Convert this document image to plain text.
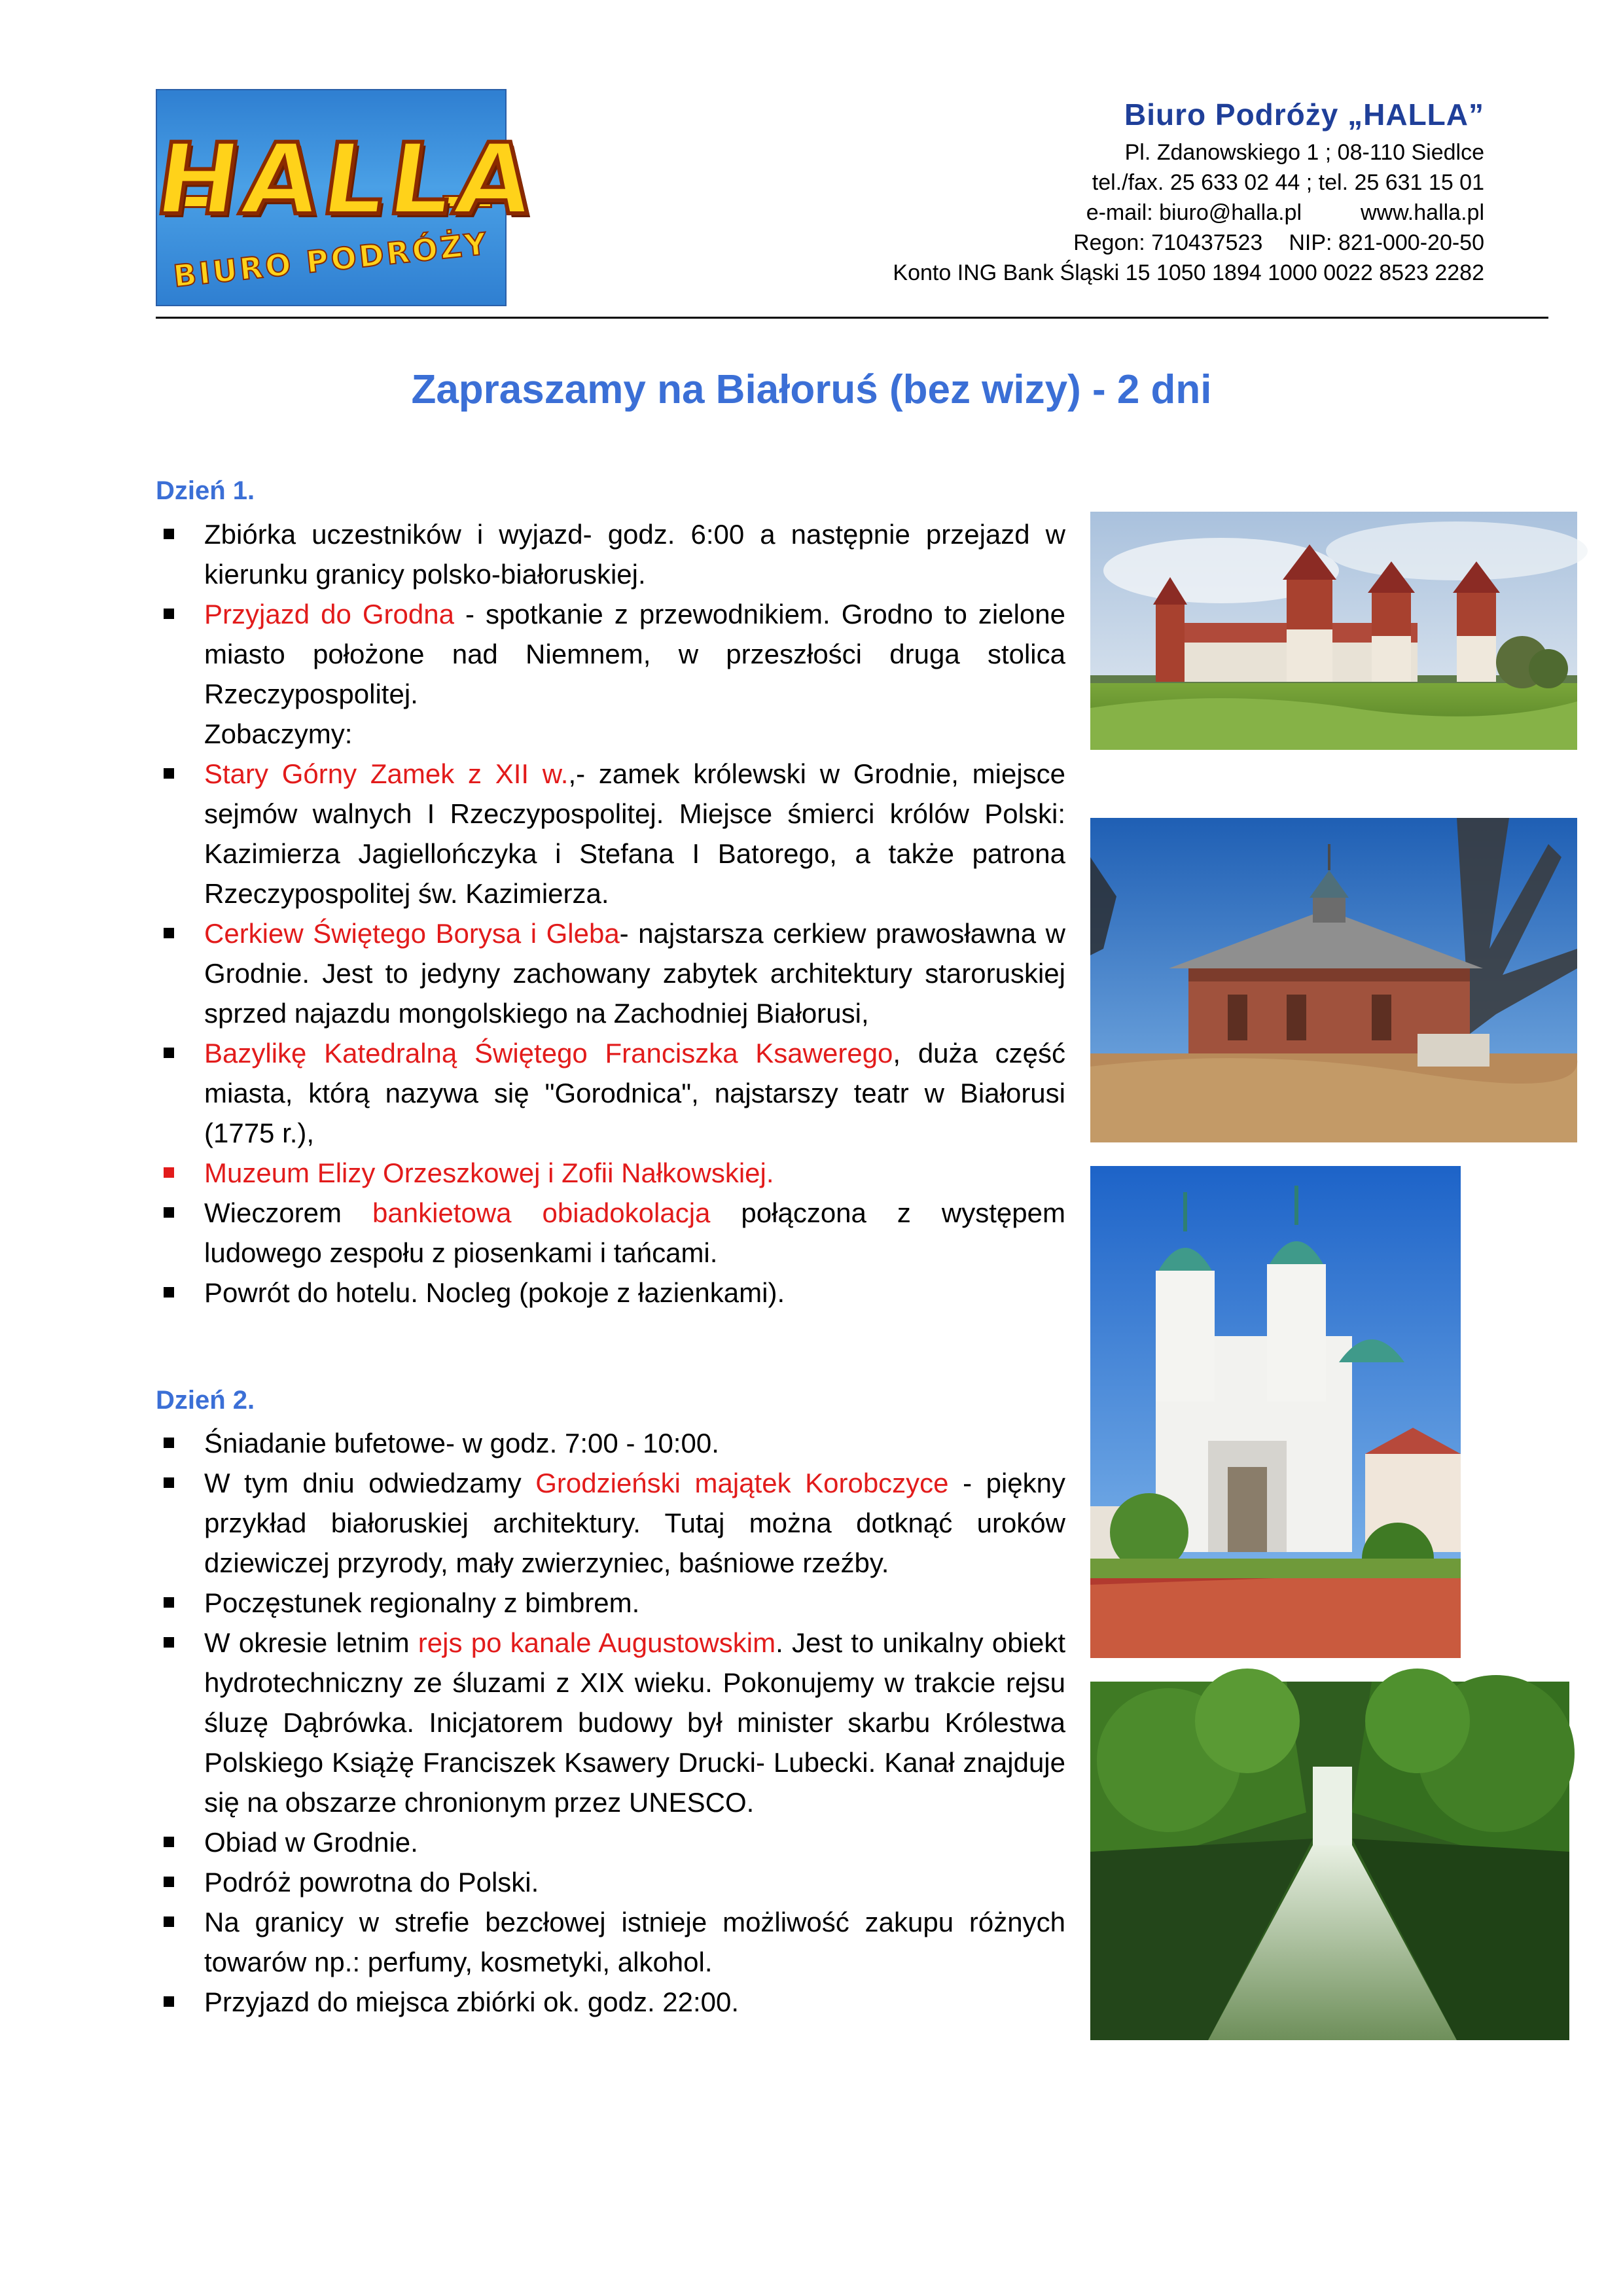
HALLA
BIURO PODRÓŻY
Biuro Podróży „HALLA”
Pl. Zdanowskiego 1 ; 08-110 Siedlce
tel./fax. 25 633 02 44 ; tel. 25 631 15 01
e-mail: biuro@halla.pl	www.halla.pl
Regon: 710437523 NIP: 821-000-20-50
Konto ING Bank Śląski 15 1050 1894 1000 0022 8523 2282
Zapraszamy na Białoruś (bez wizy) - 2 dni
Dzień 1.
Zbiórka uczestników i wyjazd- godz. 6:00 a następnie przejazd w kierunku granicy polsko-białoruskiej.
Przyjazd do Grodna - spotkanie z przewodnikiem. Grodno to zielone miasto położone nad Niemnem, w przeszłości druga stolica Rzeczypospolitej.
Zobaczymy:
Stary Górny Zamek z XII w.,- zamek królewski w Grodnie, miejsce sejmów walnych I Rzeczypospolitej. Miejsce śmierci królów Polski: Kazimierza Jagiellończyka i Stefana I Batorego, a także patrona Rzeczypospolitej św. Kazimierza.
Cerkiew Świętego Borysa i Gleba- najstarsza cerkiew prawosławna w Grodnie. Jest to jedyny zachowany zabytek architektury staroruskiej sprzed najazdu mongolskiego na Zachodniej Białorusi,
Bazylikę Katedralną Świętego Franciszka Ksawerego, duża część miasta, którą nazywa się "Gorodnica", najstarszy teatr w Białorusi (1775 r.),
Muzeum Elizy Orzeszkowej i Zofii Nałkowskiej.
Wieczorem bankietowa obiadokolacja połączona z występem ludowego zespołu z piosenkami i tańcami.
Powrót do hotelu. Nocleg (pokoje z łazienkami).
Dzień 2.
Śniadanie bufetowe- w godz. 7:00 - 10:00.
W tym dniu odwiedzamy Grodzieński majątek Korobczyce - piękny przykład białoruskiej architektury. Tutaj można dotknąć uroków dziewiczej przyrody, mały zwierzyniec, baśniowe rzeźby.
Poczęstunek regionalny z bimbrem.
W okresie letnim rejs po kanale Augustowskim. Jest to unikalny obiekt hydrotechniczny ze śluzami z XIX wieku. Pokonujemy w trakcie rejsu śluzę Dąbrówka. Inicjatorem budowy był minister skarbu Królestwa Polskiego Książę Franciszek Ksawery Drucki- Lubecki. Kanał znajduje się na obszarze chronionym przez UNESCO.
Obiad w Grodnie.
Podróż powrotna do Polski.
Na granicy w strefie bezcłowej istnieje możliwość zakupu różnych towarów np.: perfumy, kosmetyki, alkohol.
Przyjazd do miejsca zbiórki ok. godz. 22:00.
